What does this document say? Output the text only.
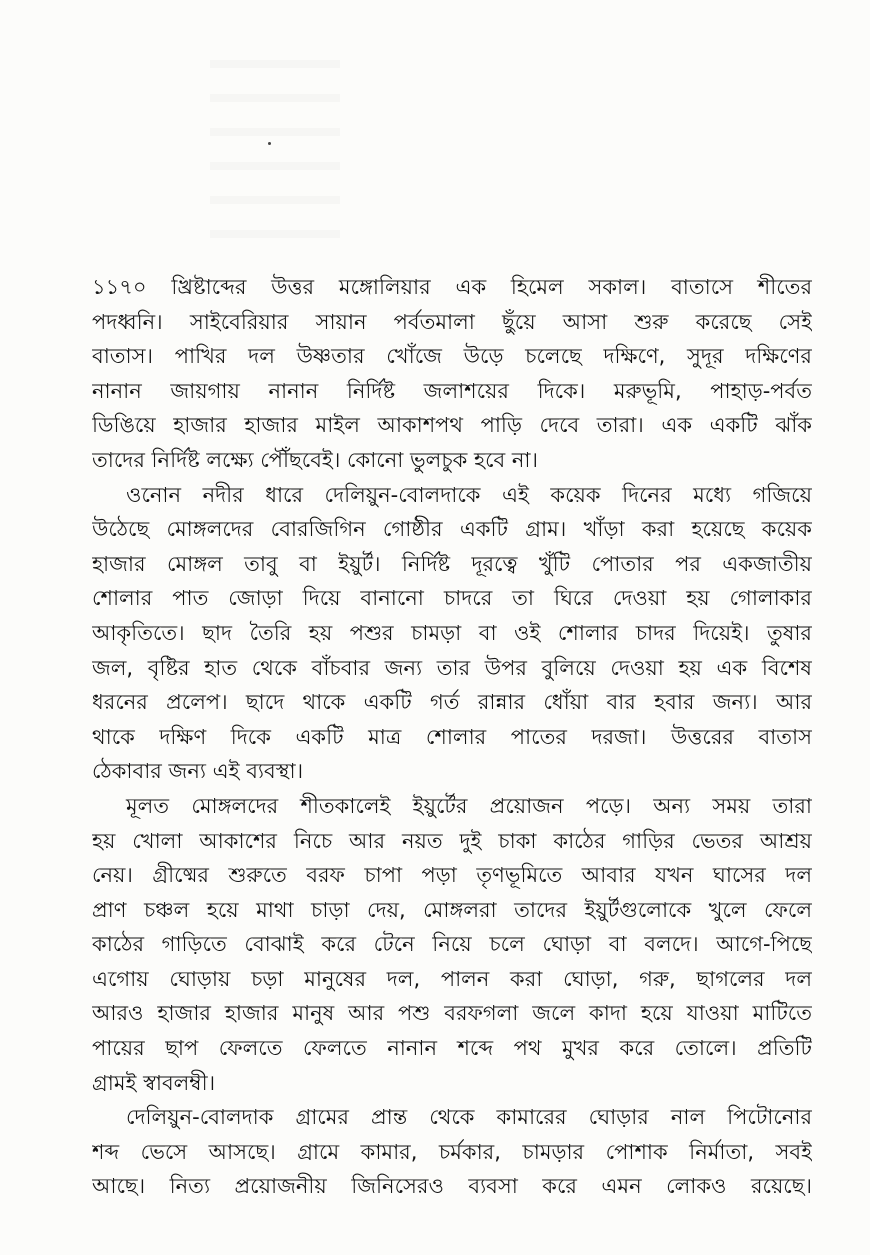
১১৭০ খ্রিষ্টাব্দের উত্তর মঙ্গোলিয়ার এক হিমেল সকাল। বাতাসে শীতের
পদধ্বনি। সাইবেরিয়ার সায়ান পর্বতমালা ছুঁয়ে আসা শুরু করেছে সেই
বাতাস। পাখির দল উষ্ণতার খোঁজে উড়ে চলেছে দক্ষিণে, সুদূর দক্ষিণের
নানান জায়গায় নানান নির্দিষ্ট জলাশয়ের দিকে। মরুভূমি, পাহাড়-পর্বত
ডিঙিয়ে হাজার হাজার মাইল আকাশপথ পাড়ি দেবে তারা। এক একটি ঝাঁক
তাদের নির্দিষ্ট লক্ষ্যে পৌঁছবেই। কোনো ভুলচুক হবে না।
ওনোন নদীর ধারে দেলিয়ুন-বোলদাকে এই কয়েক দিনের মধ্যে গজিয়ে
উঠেছে মোঙ্গলদের বোরজিগিন গোষ্ঠীর একটি গ্রাম। খাঁড়া করা হয়েছে কয়েক
হাজার মোঙ্গল তাবু বা ইয়ুর্ট। নির্দিষ্ট দূরত্বে খুঁটি পোতার পর একজাতীয়
শোলার পাত জোড়া দিয়ে বানানো চাদরে তা ঘিরে দেওয়া হয় গোলাকার
আকৃতিতে। ছাদ তৈরি হয় পশুর চামড়া বা ওই শোলার চাদর দিয়েই। তুষার
জল, বৃষ্টির হাত থেকে বাঁচবার জন্য তার উপর বুলিয়ে দেওয়া হয় এক বিশেষ
ধরনের প্রলেপ। ছাদে থাকে একটি গর্ত রান্নার ধোঁয়া বার হবার জন্য। আর
থাকে দক্ষিণ দিকে একটি মাত্র শোলার পাতের দরজা। উত্তরের বাতাস
ঠেকাবার জন্য এই ব্যবস্থা।
মূলত মোঙ্গলদের শীতকালেই ইয়ুর্টের প্রয়োজন পড়ে। অন্য সময় তারা
হয় খোলা আকাশের নিচে আর নয়ত দুই চাকা কাঠের গাড়ির ভেতর আশ্রয়
নেয়। গ্রীষ্মের শুরুতে বরফ চাপা পড়া তৃণভূমিতে আবার যখন ঘাসের দল
প্রাণ চঞ্চল হয়ে মাথা চাড়া দেয়, মোঙ্গলরা তাদের ইয়ুর্টগুলোকে খুলে ফেলে
কাঠের গাড়িতে বোঝাই করে টেনে নিয়ে চলে ঘোড়া বা বলদে। আগে-পিছে
এগোয় ঘোড়ায় চড়া মানুষের দল, পালন করা ঘোড়া, গরু, ছাগলের দল
আরও হাজার হাজার মানুষ আর পশু বরফগলা জলে কাদা হয়ে যাওয়া মাটিতে
পায়ের ছাপ ফেলতে ফেলতে নানান শব্দে পথ মুখর করে তোলে। প্রতিটি
গ্রামই স্বাবলম্বী।
দেলিয়ুন-বোলদাক গ্রামের প্রান্ত থেকে কামারের ঘোড়ার নাল পিটোনোর
শব্দ ভেসে আসছে। গ্রামে কামার, চর্মকার, চামড়ার পোশাক নির্মাতা, সবই
আছে। নিত্য প্রয়োজনীয় জিনিসেরও ব্যবসা করে এমন লোকও রয়েছে।
